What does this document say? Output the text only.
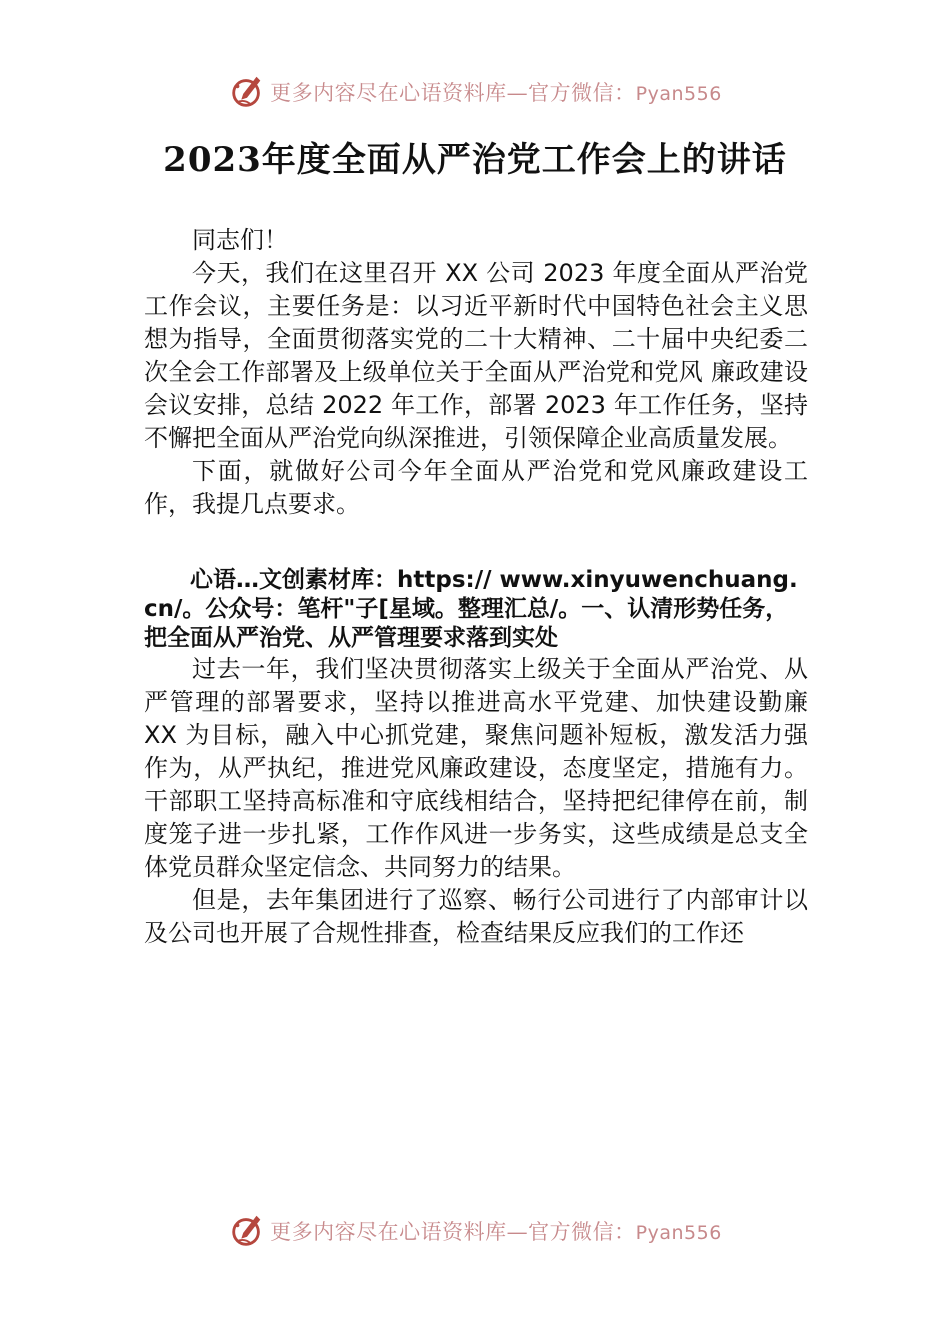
更多内容尽在心语资料库—官方微信：Pyan556
2023年度全面从严治党工作会上的讲话

同志们！

今天，我们在这里召开 XX 公司 2023 年度全面从严治党工作会议，主要任务是：以习近平新时代中国特色社会主义思想为指导，全面贯彻落实党的二十大精神、二十届中央纪委二次全会工作部署及上级单位关于全面从严治党和党风 廉政建设会议安排，总结 2022 年工作，部署 2023 年工作任务，坚持不懈把全面从严治党向纵深推进，引领保障企业高质量发展。

下面，就做好公司今年全面从严治党和党风廉政建设工作，我提几点要求。

心语…文创素材库：https:// www.xinyuwenchuang.cn/。公众号：笔杆"子[星域。整理汇总/。一、认清形势任务，把全面从严治党、从严管理要求落到实处

过去一年，我们坚决贯彻落实上级关于全面从严治党、从严管理的部署要求，坚持以推进高水平党建、加快建设勤廉 XX 为目标，融入中心抓党建，聚焦问题补短板，激发活力强作为，从严执纪，推进党风廉政建设，态度坚定，措施有力。干部职工坚持高标准和守底线相结合，坚持把纪律停在前，制度笼子进一步扎紧，工作作风进一步务实，这些成绩是总支全体党员群众坚定信念、共同努力的结果。

但是，去年集团进行了巡察、畅行公司进行了内部审计以及公司也开展了合规性排查，检查结果反应我们的工作还

更多内容尽在心语资料库—官方微信：Pyan556
